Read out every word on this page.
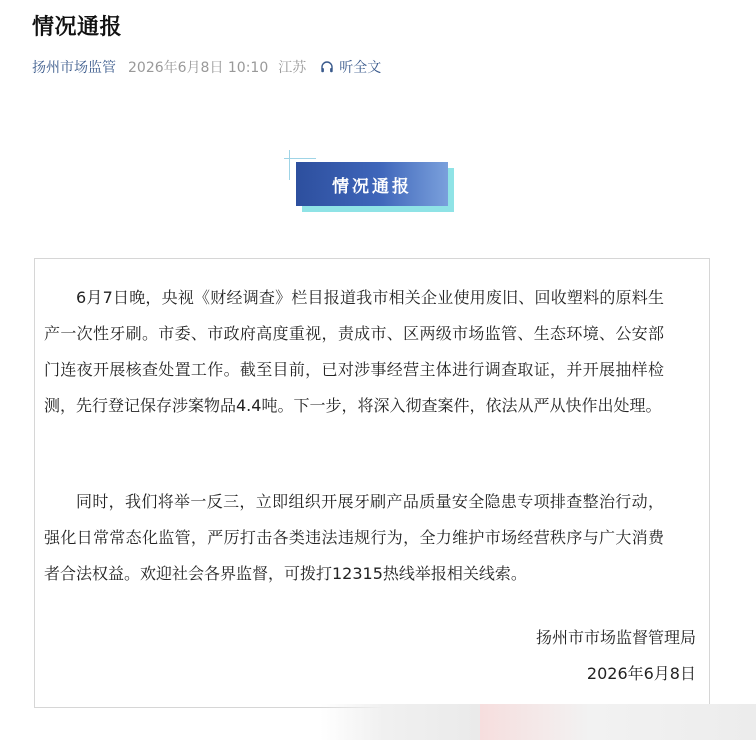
情况通报
扬州市场监管 2026年6月8日 10:10 江苏 听全文
情况通报

6月7日晚，央视《财经调查》栏目报道我市相关企业使用废旧、回收塑料的原料生产一次性牙刷。市委、市政府高度重视，责成市、区两级市场监管、生态环境、公安部门连夜开展核查处置工作。截至目前，已对涉事经营主体进行调查取证，并开展抽样检测，先行登记保存涉案物品4.4吨。下一步，将深入彻查案件，依法从严从快作出处理。

同时，我们将举一反三，立即组织开展牙刷产品质量安全隐患专项排查整治行动，强化日常常态化监管，严厉打击各类违法违规行为，全力维护市场经营秩序与广大消费者合法权益。欢迎社会各界监督，可拨打12315热线举报相关线索。

扬州市市场监督管理局
2026年6月8日
